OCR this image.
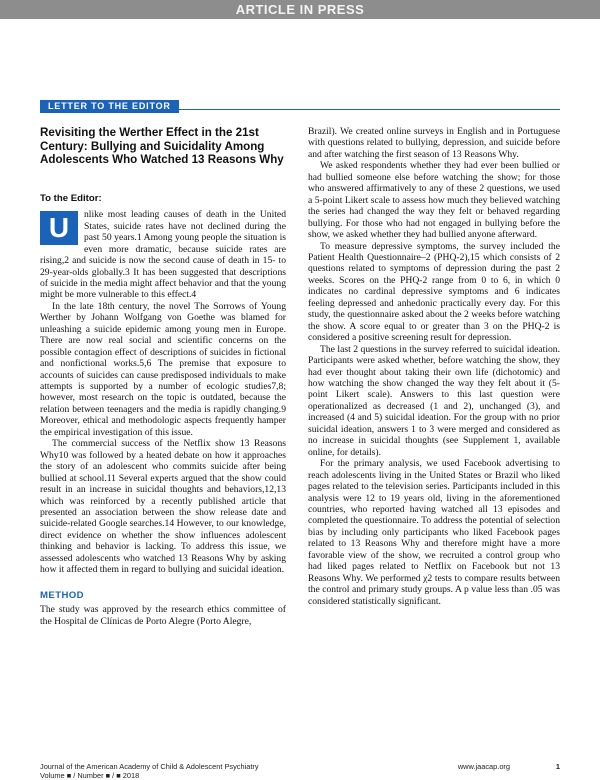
ARTICLE IN PRESS
LETTER TO THE EDITOR
Revisiting the Werther Effect in the 21st Century: Bullying and Suicidality Among Adolescents Who Watched 13 Reasons Why
To the Editor:

U	nlike most leading causes of death in the United States, suicide rates have not declined during the past 50 years.1 Among young people the situation is even more dramatic, because suicide rates are rising,2 and suicide is now the second cause of death in 15- to 29-year-olds globally.3 It has been suggested that descriptions of suicide in the media might affect behavior and that the young might be more vulnerable to this effect.4

In the late 18th century, the novel The Sorrows of Young Werther by Johann Wolfgang von Goethe was blamed for unleashing a suicide epidemic among young men in Europe. There are now real social and scientific concerns on the possible contagion effect of descriptions of suicides in fictional and nonfictional works.5,6 The premise that exposure to accounts of suicides can cause predisposed individuals to make attempts is supported by a number of ecologic studies7,8; however, most research on the topic is outdated, because the relation between teenagers and the media is rapidly changing.9 Moreover, ethical and methodologic aspects frequently hamper the empirical investigation of this issue.

The commercial success of the Netflix show 13 Reasons Why10 was followed by a heated debate on how it approaches the story of an adolescent who commits suicide after being bullied at school.11 Several experts argued that the show could result in an increase in suicidal thoughts and behaviors,12,13 which was reinforced by a recently published article that presented an association between the show release date and suicide-related Google searches.14 However, to our knowledge, direct evidence on whether the show influences adolescent thinking and behavior is lacking. To address this issue, we assessed adolescents who watched 13 Reasons Why by asking how it affected them in regard to bullying and suicidal ideation.

METHOD

The study was approved by the research ethics committee of the Hospital de Clínicas de Porto Alegre (Porto Alegre,

Brazil). We created online surveys in English and in Portuguese with questions related to bullying, depression, and suicide before and after watching the first season of 13 Reasons Why.

We asked respondents whether they had ever been bullied or had bullied someone else before watching the show; for those who answered affirmatively to any of these 2 questions, we used a 5-point Likert scale to assess how much they believed watching the series had changed the way they felt or behaved regarding bullying. For those who had not engaged in bullying before the show, we asked whether they had bullied anyone afterward.

To measure depressive symptoms, the survey included the Patient Health Questionnaire–2 (PHQ-2),15 which consists of 2 questions related to symptoms of depression during the past 2 weeks. Scores on the PHQ-2 range from 0 to 6, in which 0 indicates no cardinal depressive symptoms and 6 indicates feeling depressed and anhedonic practically every day. For this study, the questionnaire asked about the 2 weeks before watching the show. A score equal to or greater than 3 on the PHQ-2 is considered a positive screening result for depression.

The last 2 questions in the survey referred to suicidal ideation. Participants were asked whether, before watching the show, they had ever thought about taking their own life (dichotomic) and how watching the show changed the way they felt about it (5-point Likert scale). Answers to this last question were operationalized as decreased (1 and 2), unchanged (3), and increased (4 and 5) suicidal ideation. For the group with no prior suicidal ideation, answers 1 to 3 were merged and considered as no increase in suicidal thoughts (see Supplement 1, available online, for details).

For the primary analysis, we used Facebook advertising to reach adolescents living in the United States or Brazil who liked pages related to the television series. Participants included in this analysis were 12 to 19 years old, living in the aforementioned countries, who reported having watched all 13 episodes and completed the questionnaire. To address the potential of selection bias by including only participants who liked Facebook pages related to 13 Reasons Why and therefore might have a more favorable view of the show, we recruited a control group who had liked pages related to Netflix on Facebook but not 13 Reasons Why. We performed χ2 tests to compare results between the control and primary study groups. A p value less than .05 was considered statistically significant.

Journal of the American Academy of Child & Adolescent Psychiatry
Volume ■ / Number ■ / ■ 2018
www.jaacap.org	1
